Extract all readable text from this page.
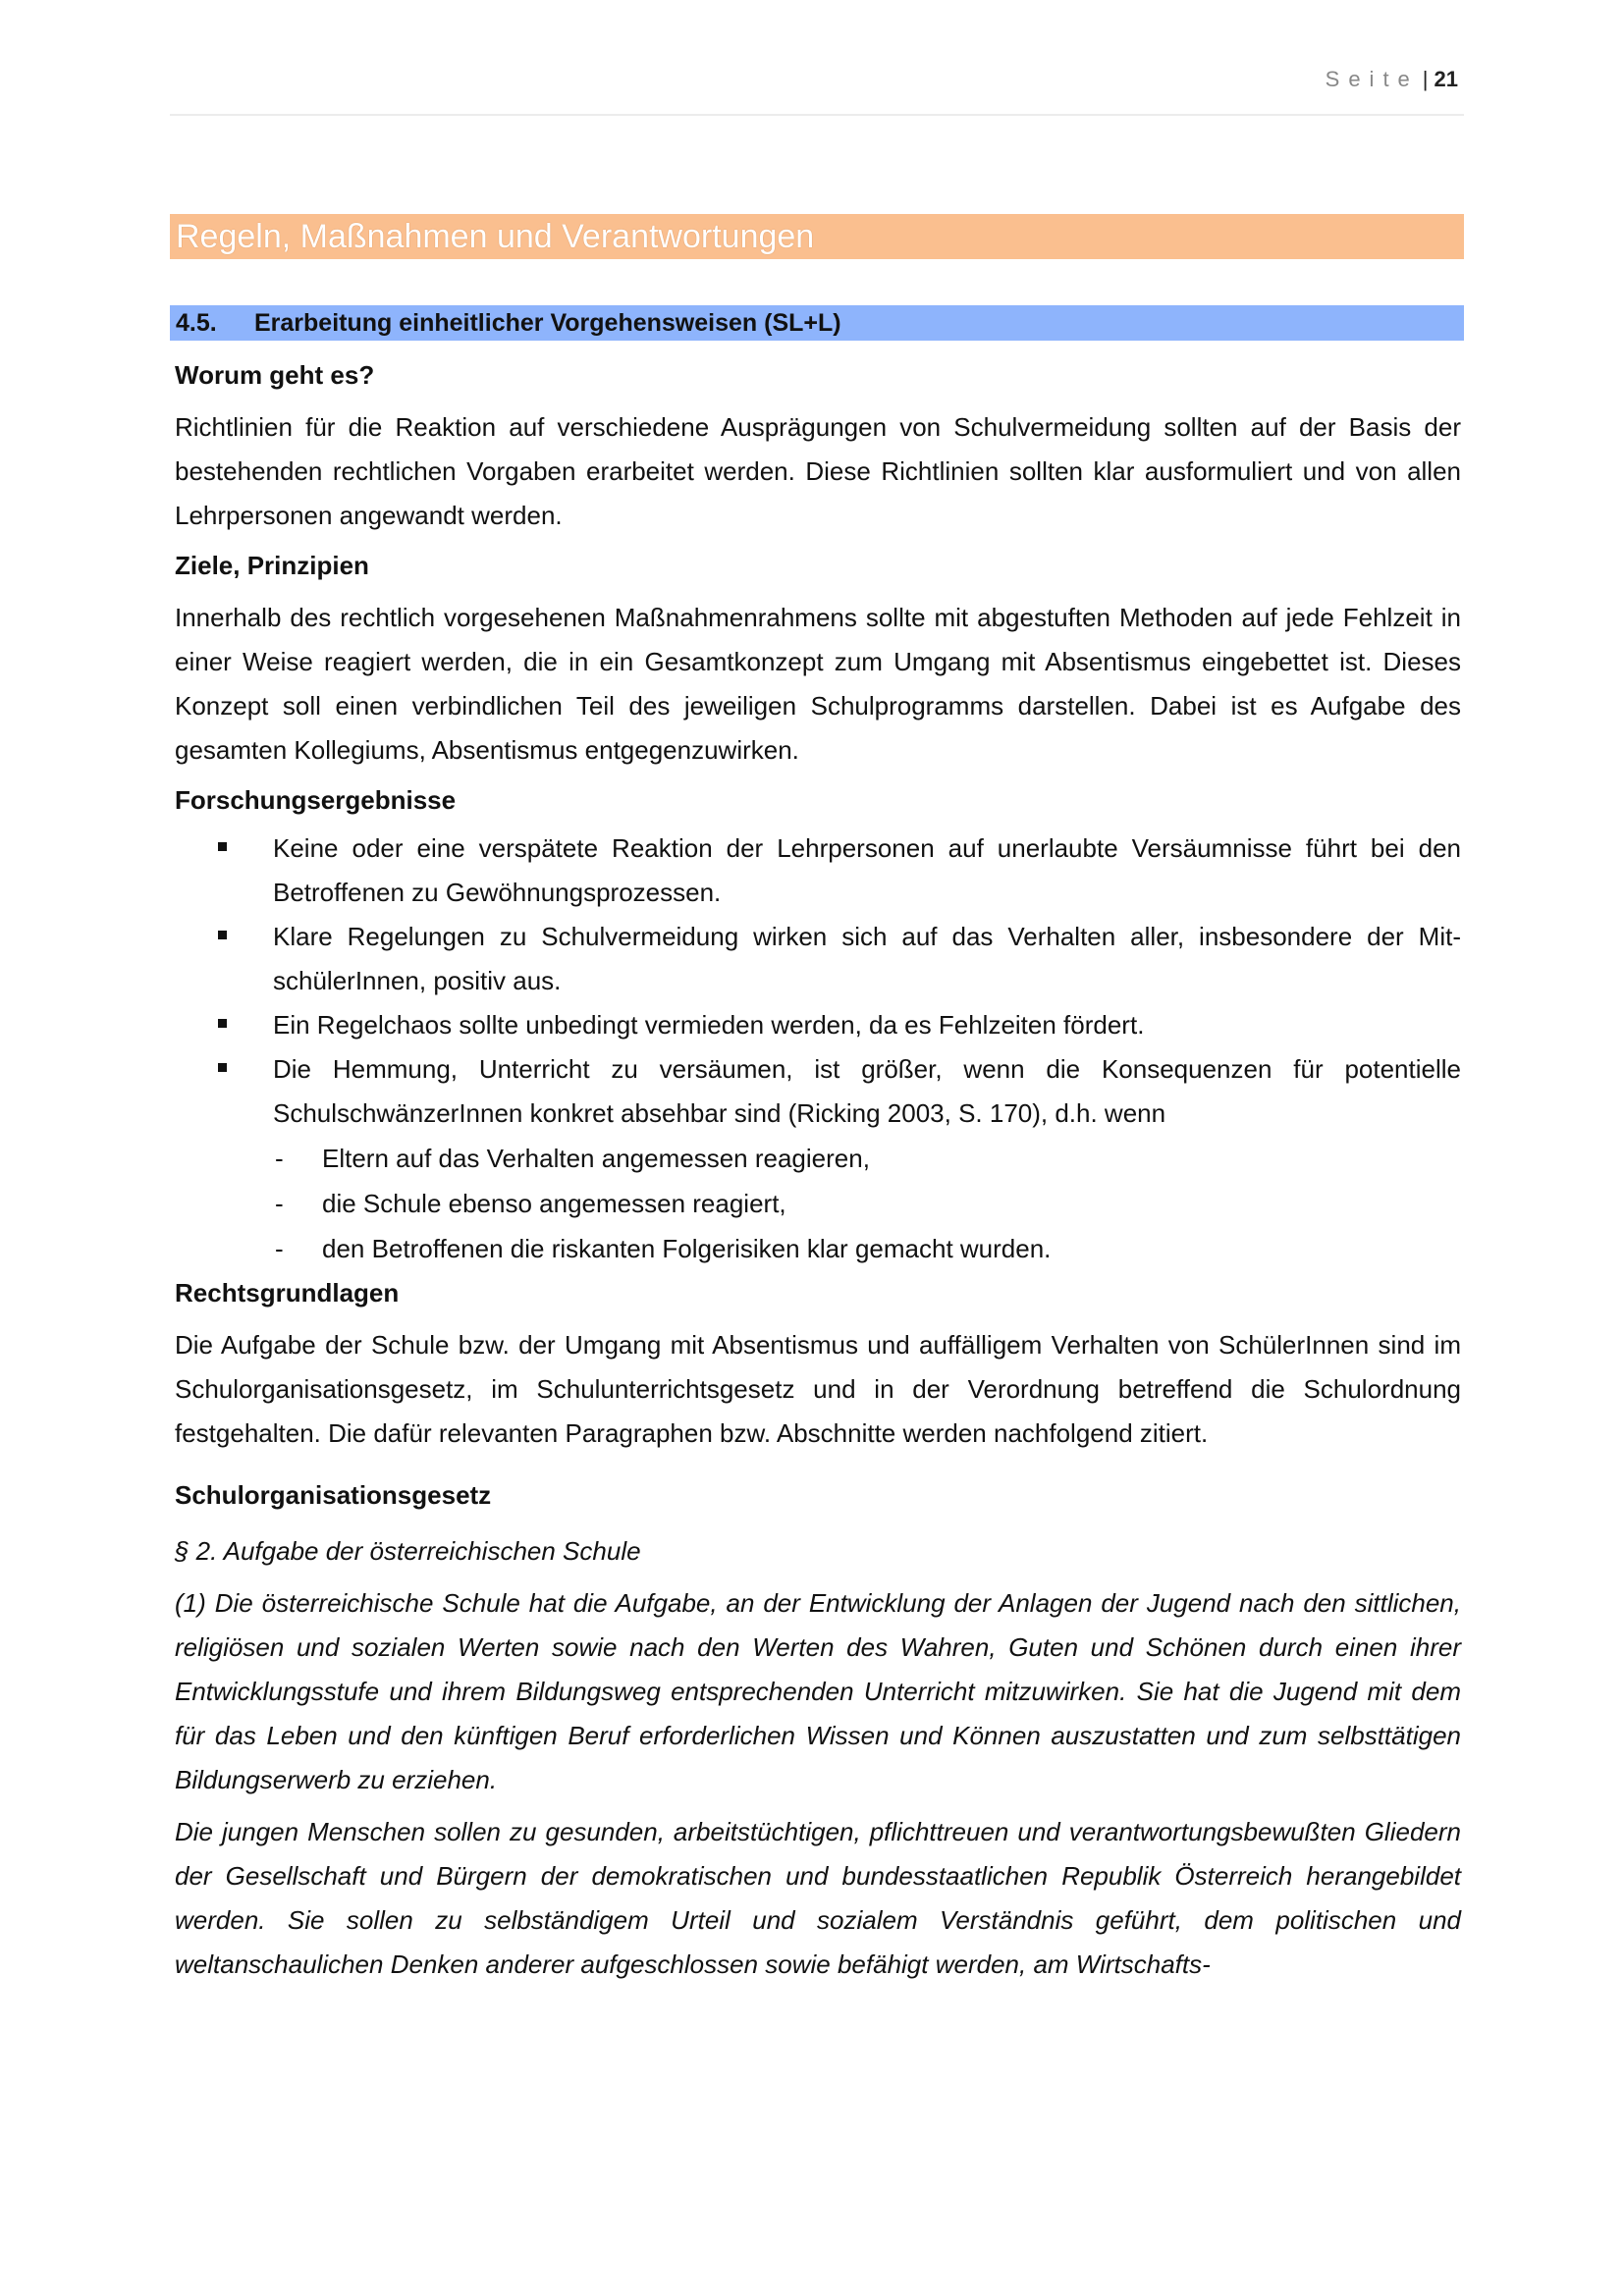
Seite | 21
Regeln, Maßnahmen und Verantwortungen
4.5. Erarbeitung einheitlicher Vorgehensweisen (SL+L)
Worum geht es?

Richtlinien für die Reaktion auf verschiedene Ausprägungen von Schulvermeidung sollten auf der Basis der bestehenden rechtlichen Vorgaben erarbeitet werden. Diese Richtlinien sollten klar ausformuliert und von allen Lehrpersonen angewandt werden.

Ziele, Prinzipien

Innerhalb des rechtlich vorgesehenen Maßnahmenrahmens sollte mit abgestuften Methoden auf jede Fehlzeit in einer Weise reagiert werden, die in ein Gesamtkonzept zum Umgang mit Absentismus eingebettet ist. Dieses Konzept soll einen verbindlichen Teil des jeweiligen Schulprogramms darstellen. Dabei ist es Aufgabe des gesamten Kollegiums, Absentismus entgegenzuwirken.

Forschungsergebnisse
Keine oder eine verspätete Reaktion der Lehrpersonen auf unerlaubte Versäumnisse führt bei den Betroffenen zu Gewöhnungsprozessen.
Klare Regelungen zu Schulvermeidung wirken sich auf das Verhalten aller, insbesondere der MitschülerInnen, positiv aus.
Ein Regelchaos sollte unbedingt vermieden werden, da es Fehlzeiten fördert.
Die Hemmung, Unterricht zu versäumen, ist größer, wenn die Konsequenzen für potentielle SchulschwänzerInnen konkret absehbar sind (Ricking 2003, S. 170), d.h. wenn
- Eltern auf das Verhalten angemessen reagieren,
- die Schule ebenso angemessen reagiert,
- den Betroffenen die riskanten Folgerisiken klar gemacht wurden.
Rechtsgrundlagen

Die Aufgabe der Schule bzw. der Umgang mit Absentismus und auffälligem Verhalten von SchülerInnen sind im Schulorganisationsgesetz, im Schulunterrichtsgesetz und in der Verordnung betreffend die Schulordnung festgehalten. Die dafür relevanten Paragraphen bzw. Abschnitte werden nachfolgend zitiert.

Schulorganisationsgesetz
§ 2. Aufgabe der österreichischen Schule

(1) Die österreichische Schule hat die Aufgabe, an der Entwicklung der Anlagen der Jugend nach den sittlichen, religiösen und sozialen Werten sowie nach den Werten des Wahren, Guten und Schönen durch einen ihrer Entwicklungsstufe und ihrem Bildungsweg entsprechenden Unterricht mitzuwirken. Sie hat die Jugend mit dem für das Leben und den künftigen Beruf erforderlichen Wissen und Können auszustatten und zum selbsttätigen Bildungserwerb zu erziehen.

Die jungen Menschen sollen zu gesunden, arbeitstüchtigen, pflichttreuen und verantwortungsbewußten Gliedern der Gesellschaft und Bürgern der demokratischen und bundesstaatlichen Republik Österreich herangebildet werden. Sie sollen zu selbständigem Urteil und sozialem Verständnis geführt, dem politischen und weltanschaulichen Denken anderer aufgeschlossen sowie befähigt werden, am Wirtschafts-
